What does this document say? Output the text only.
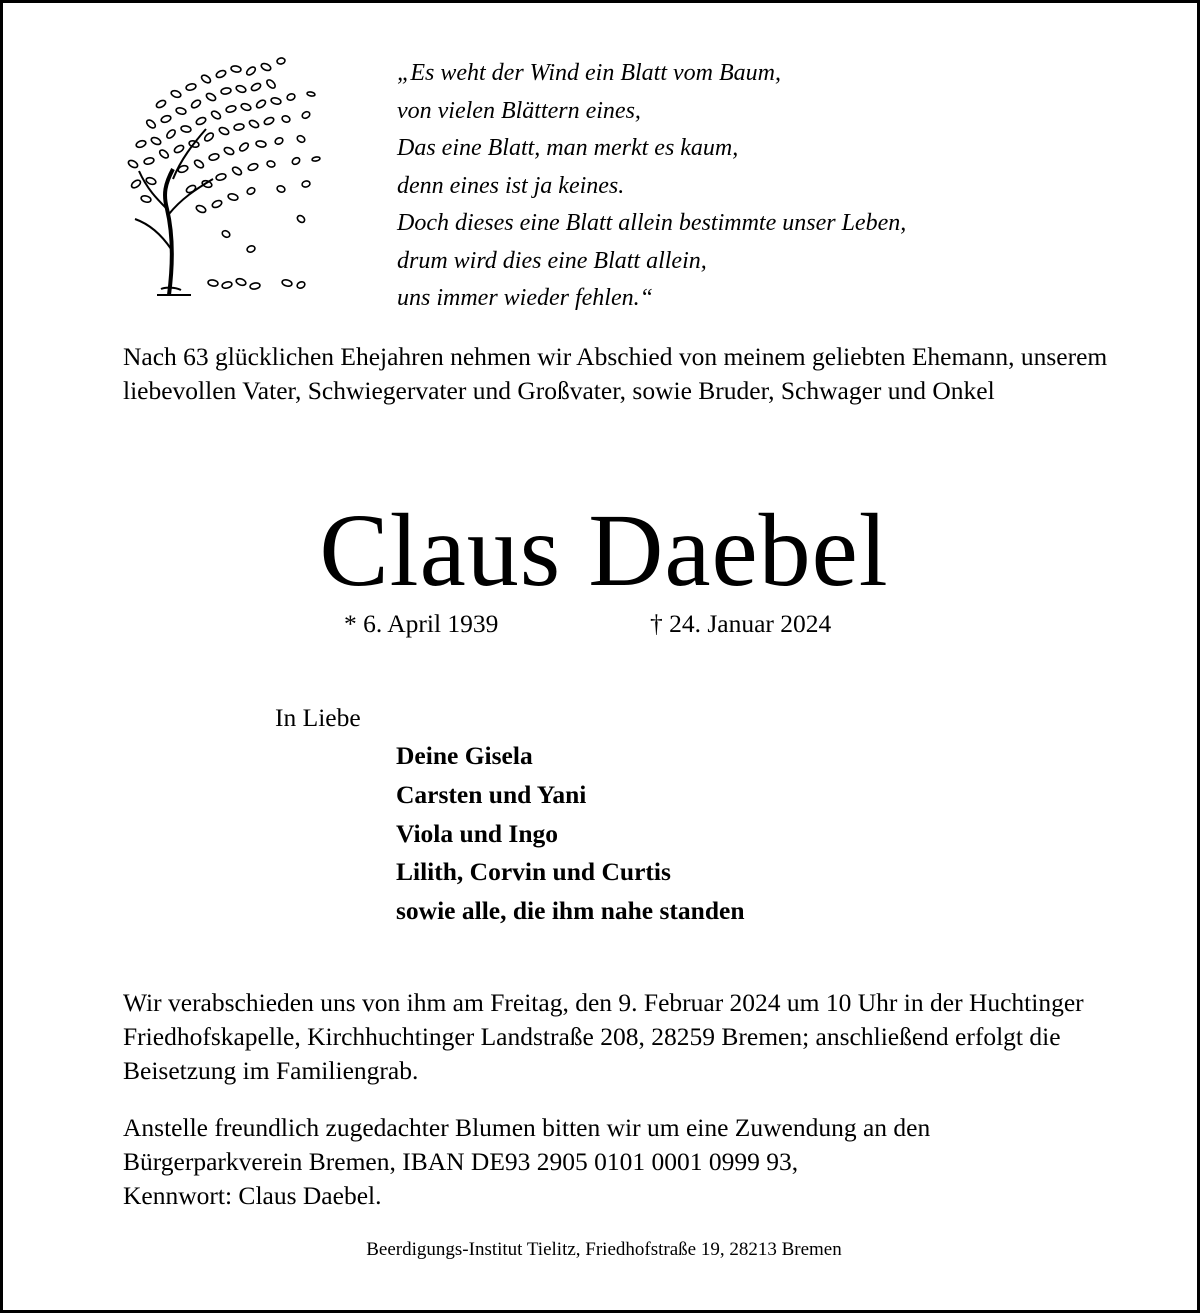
„Es weht der Wind ein Blatt vom Baum,
von vielen Blättern eines,
Das eine Blatt, man merkt es kaum,
denn eines ist ja keines.
Doch dieses eine Blatt allein bestimmte unser Leben,
drum wird dies eine Blatt allein,
uns immer wieder fehlen.“
Nach 63 glücklichen Ehejahren nehmen wir Abschied von meinem geliebten Ehemann, unserem liebevollen Vater, Schwiegervater und Großvater, sowie Bruder, Schwager und Onkel
Claus Daebel
* 6. April 1939	† 24. Januar 2024
In Liebe
Deine Gisela
Carsten und Yani
Viola und Ingo
Lilith, Corvin und Curtis
sowie alle, die ihm nahe standen
Wir verabschieden uns von ihm am Freitag, den 9. Februar 2024 um 10 Uhr in der Huchtinger Friedhofskapelle, Kirchhuchtinger Landstraße 208, 28259 Bremen; anschließend erfolgt die Beisetzung im Familiengrab.
Anstelle freundlich zugedachter Blumen bitten wir um eine Zuwendung an den
Bürgerparkverein Bremen, IBAN DE93 2905 0101 0001 0999 93,
Kennwort: Claus Daebel.
Beerdigungs-Institut Tielitz, Friedhofstraße 19, 28213 Bremen
